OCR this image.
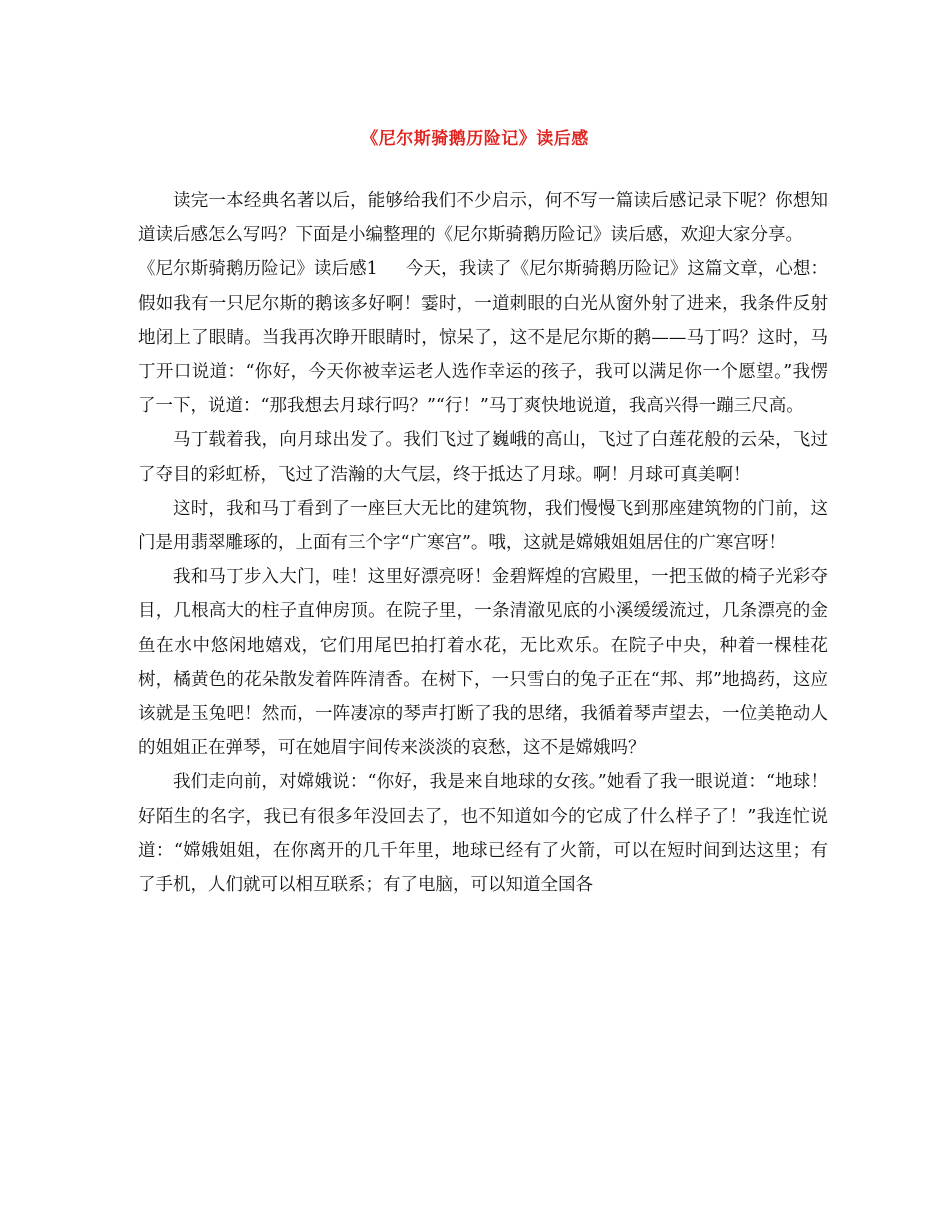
《尼尔斯骑鹅历险记》读后感

读完一本经典名著以后，能够给我们不少启示，何不写一篇读后感记录下呢？你想知道读后感怎么写吗？下面是小编整理的《尼尔斯骑鹅历险记》读后感，欢迎大家分享。

《尼尔斯骑鹅历险记》读后感1 今天，我读了《尼尔斯骑鹅历险记》这篇文章，心想：假如我有一只尼尔斯的鹅该多好啊！霎时，一道刺眼的白光从窗外射了进来，我条件反射地闭上了眼睛。当我再次睁开眼睛时，惊呆了，这不是尼尔斯的鹅——马丁吗？这时，马丁开口说道：“你好，今天你被幸运老人选作幸运的孩子，我可以满足你一个愿望。”我愣了一下，说道：“那我想去月球行吗？”“行！”马丁爽快地说道，我高兴得一蹦三尺高。

马丁载着我，向月球出发了。我们飞过了巍峨的高山，飞过了白莲花般的云朵，飞过了夺目的彩虹桥，飞过了浩瀚的大气层，终于抵达了月球。啊！月球可真美啊！

这时，我和马丁看到了一座巨大无比的建筑物，我们慢慢飞到那座建筑物的门前，这门是用翡翠雕琢的，上面有三个字“广寒宫”。哦，这就是嫦娥姐姐居住的广寒宫呀！

我和马丁步入大门，哇！这里好漂亮呀！金碧辉煌的宫殿里，一把玉做的椅子光彩夺目，几根高大的柱子直伸房顶。在院子里，一条清澈见底的小溪缓缓流过，几条漂亮的金鱼在水中悠闲地嬉戏，它们用尾巴拍打着水花，无比欢乐。在院子中央，种着一棵桂花树，橘黄色的花朵散发着阵阵清香。在树下，一只雪白的兔子正在“邦、邦”地捣药，这应该就是玉兔吧！然而，一阵凄凉的琴声打断了我的思绪，我循着琴声望去，一位美艳动人的姐姐正在弹琴，可在她眉宇间传来淡淡的哀愁，这不是嫦娥吗？

我们走向前，对嫦娥说：“你好，我是来自地球的女孩。”她看了我一眼说道：“地球！好陌生的名字，我已有很多年没回去了，也不知道如今的它成了什么样子了！”我连忙说道：“嫦娥姐姐，在你离开的几千年里，地球已经有了火箭，可以在短时间到达这里；有了手机，人们就可以相互联系；有了电脑，可以知道全国各
